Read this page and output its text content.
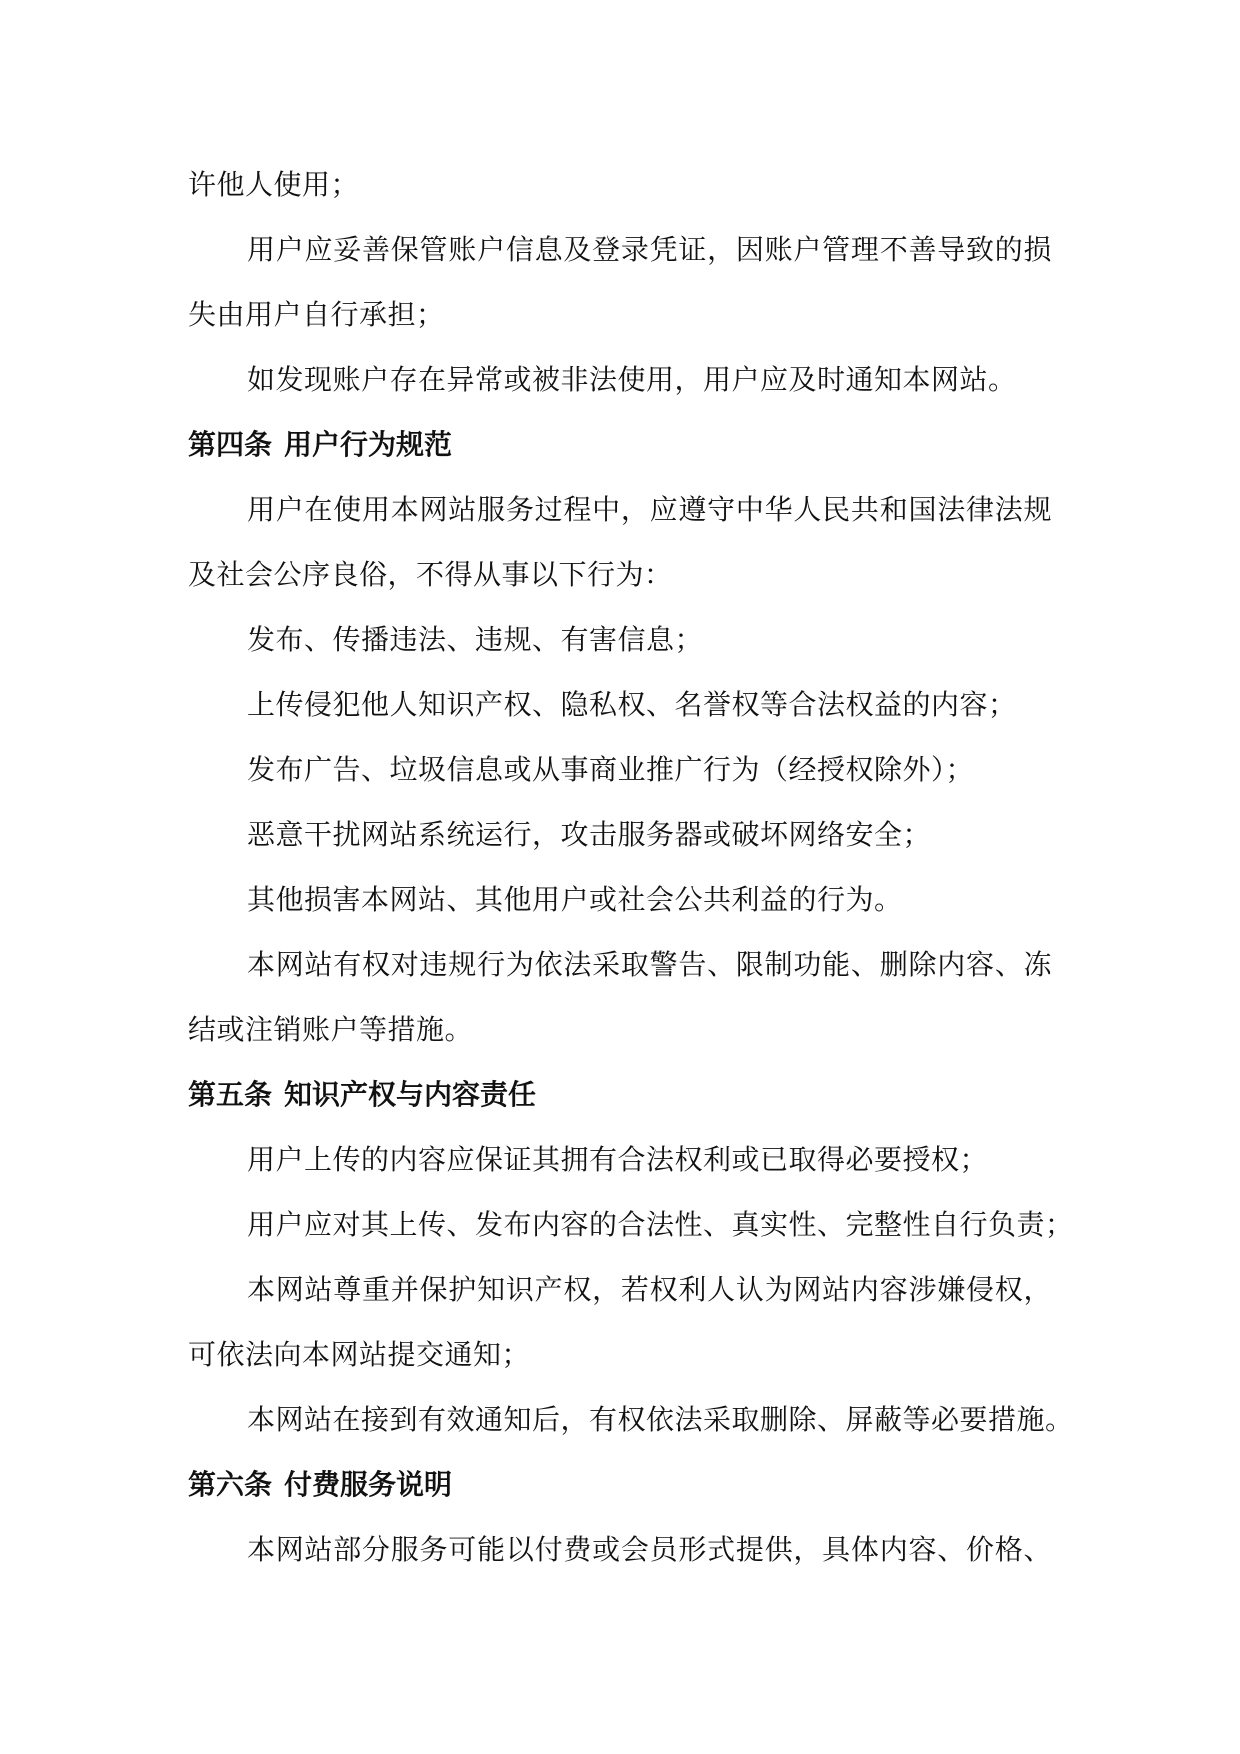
许他人使用；
用户应妥善保管账户信息及登录凭证，因账户管理不善导致的损
失由用户自行承担；
如发现账户存在异常或被非法使用，用户应及时通知本网站。
第四条 用户行为规范
用户在使用本网站服务过程中，应遵守中华人民共和国法律法规
及社会公序良俗，不得从事以下行为：
发布、传播违法、违规、有害信息；
上传侵犯他人知识产权、隐私权、名誉权等合法权益的内容；
发布广告、垃圾信息或从事商业推广行为（经授权除外）；
恶意干扰网站系统运行，攻击服务器或破坏网络安全；
其他损害本网站、其他用户或社会公共利益的行为。
本网站有权对违规行为依法采取警告、限制功能、删除内容、冻
结或注销账户等措施。
第五条 知识产权与内容责任
用户上传的内容应保证其拥有合法权利或已取得必要授权；
用户应对其上传、发布内容的合法性、真实性、完整性自行负责；
本网站尊重并保护知识产权，若权利人认为网站内容涉嫌侵权，
可依法向本网站提交通知；
本网站在接到有效通知后，有权依法采取删除、屏蔽等必要措施。
第六条 付费服务说明
本网站部分服务可能以付费或会员形式提供，具体内容、价格、
